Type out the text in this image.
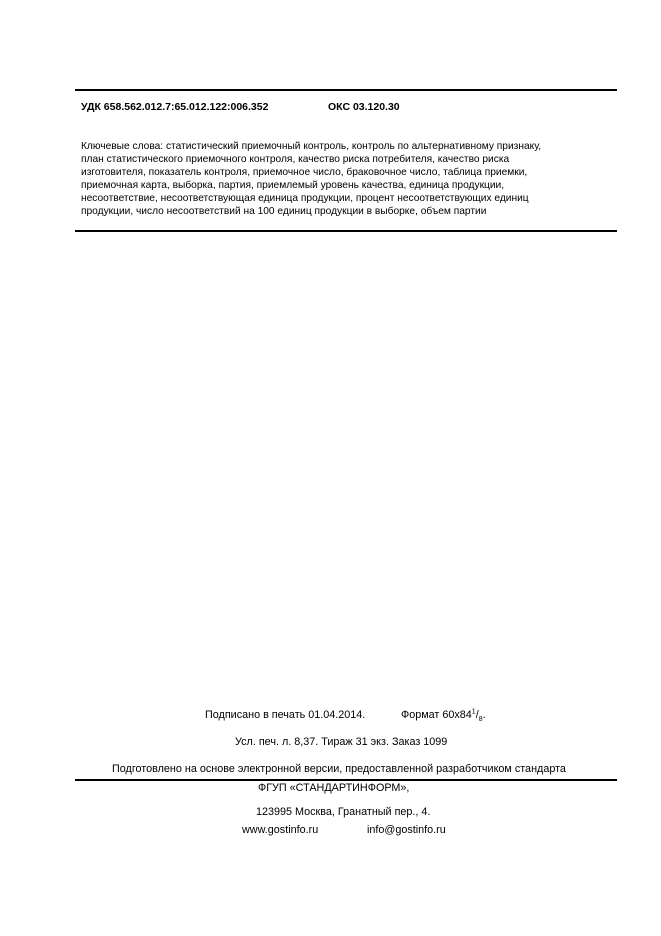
УДК 658.562.012.7:65.012.122:006.352	ОКС 03.120.30
Ключевые слова: статистический приемочный контроль, контроль по альтернативному признаку,
план статистического приемочного контроля, качество риска потребителя, качество риска
изготовителя, показатель контроля, приемочное число, браковочное число, таблица приемки,
приемочная карта, выборка, партия, приемлемый уровень качества, единица продукции,
несоответствие, несоответствующая единица продукции, процент несоответствующих единиц
продукции, число несоответствий на 100 единиц продукции в выборке, объем партии
Подписано в печать 01.04.2014.	Формат $60x84^1/_8$.
Усл. печ. л. 8,37. Тираж 31 экз. Заказ 1099
Подготовлено на основе электронной версии, предоставленной разработчиком стандарта
ФГУП «СТАНДАРТИНФОРМ»,
123995 Москва, Гранатный пер., 4.
www.gostinfo.ru	info@gostinfo.ru
